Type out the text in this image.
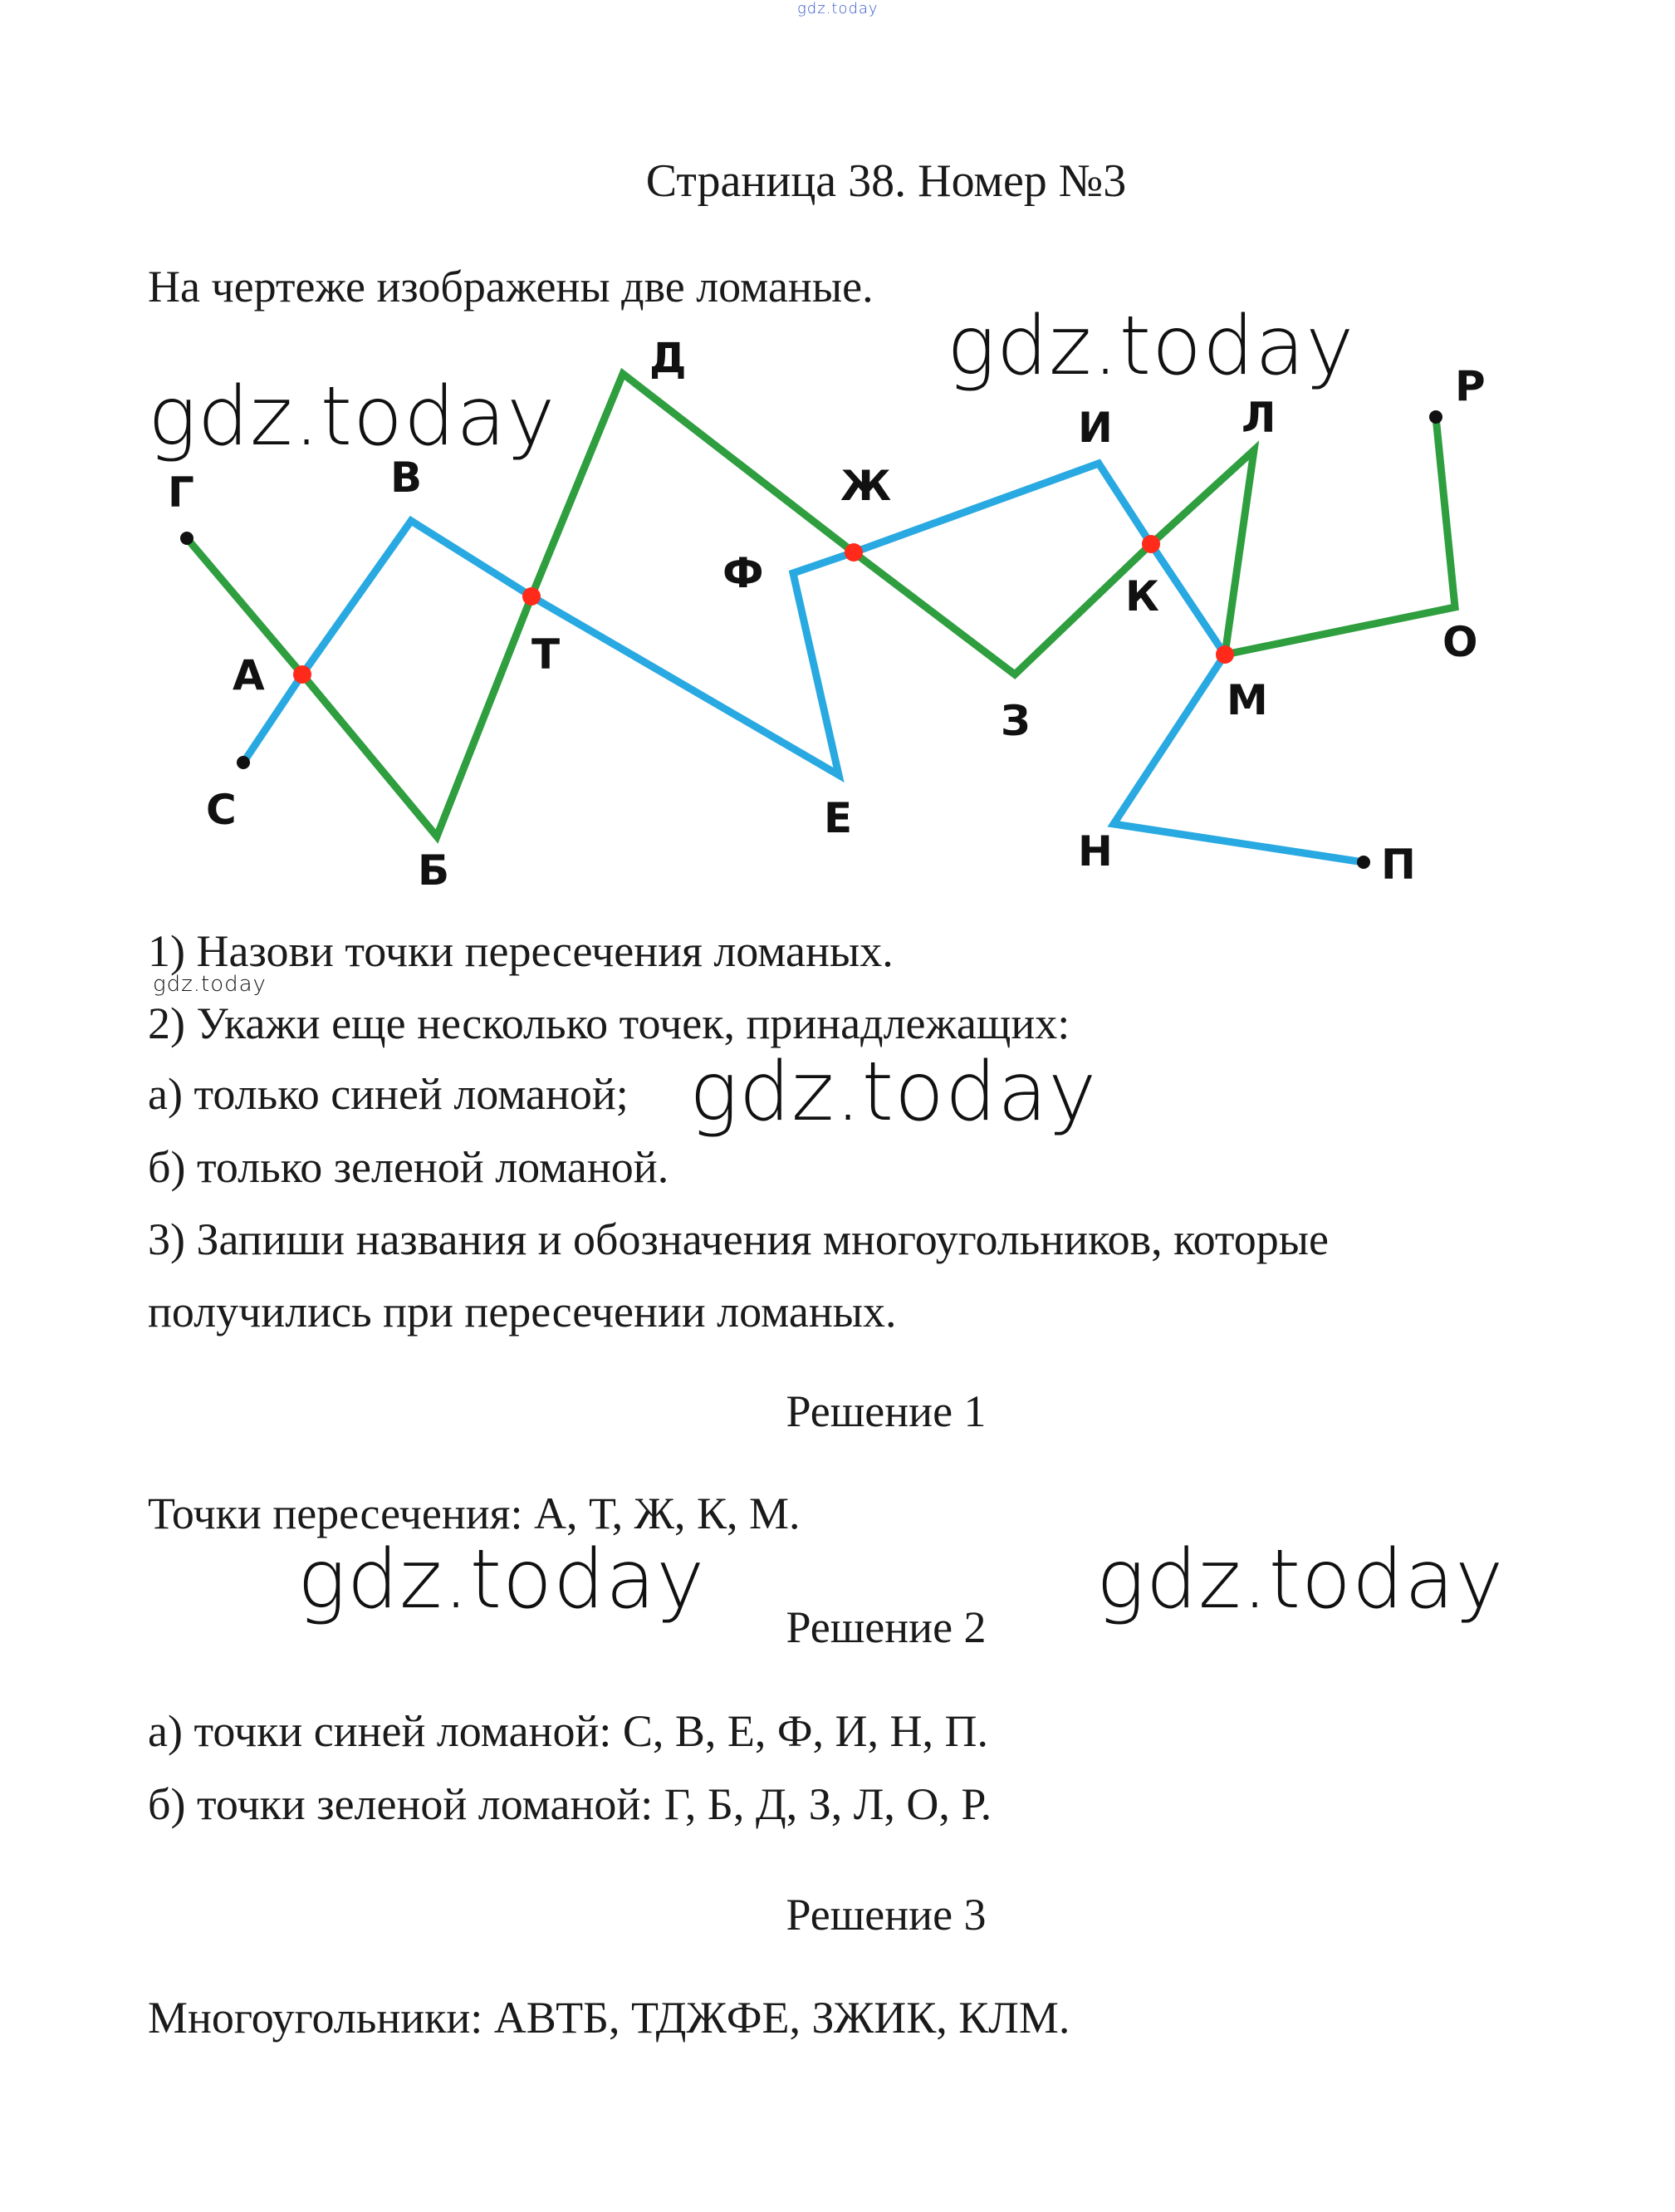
gdz.today
Страница 38. Номер №3
На чертеже изображены две ломаные.
Г
А
С
В
Б
Т
Д
Ф
Ж
Е
З
И
К
Л
М
Н	П
О
Р
gdz.today
gdz.today
1) Назови точки пересечения ломаных.
gdz.today
2) Укажи еще несколько точек, принадлежащих:
а) только синей ломаной; gdz.today
б) только зеленой ломаной.
3) Запиши названия и обозначения многоугольников, которые
получились при пересечении ломаных.
Решение 1
Точки пересечения: А, Т, Ж, К, М.
gdz.today	gdz.today
Решение 2
а) точки синей ломаной: С, В, Е, Ф, И, Н, П.
б) точки зеленой ломаной: Г, Б, Д, З, Л, О, Р.
Решение 3
Многоугольники: АВТБ, ТДЖФЕ, ЗЖИК, КЛМ.
